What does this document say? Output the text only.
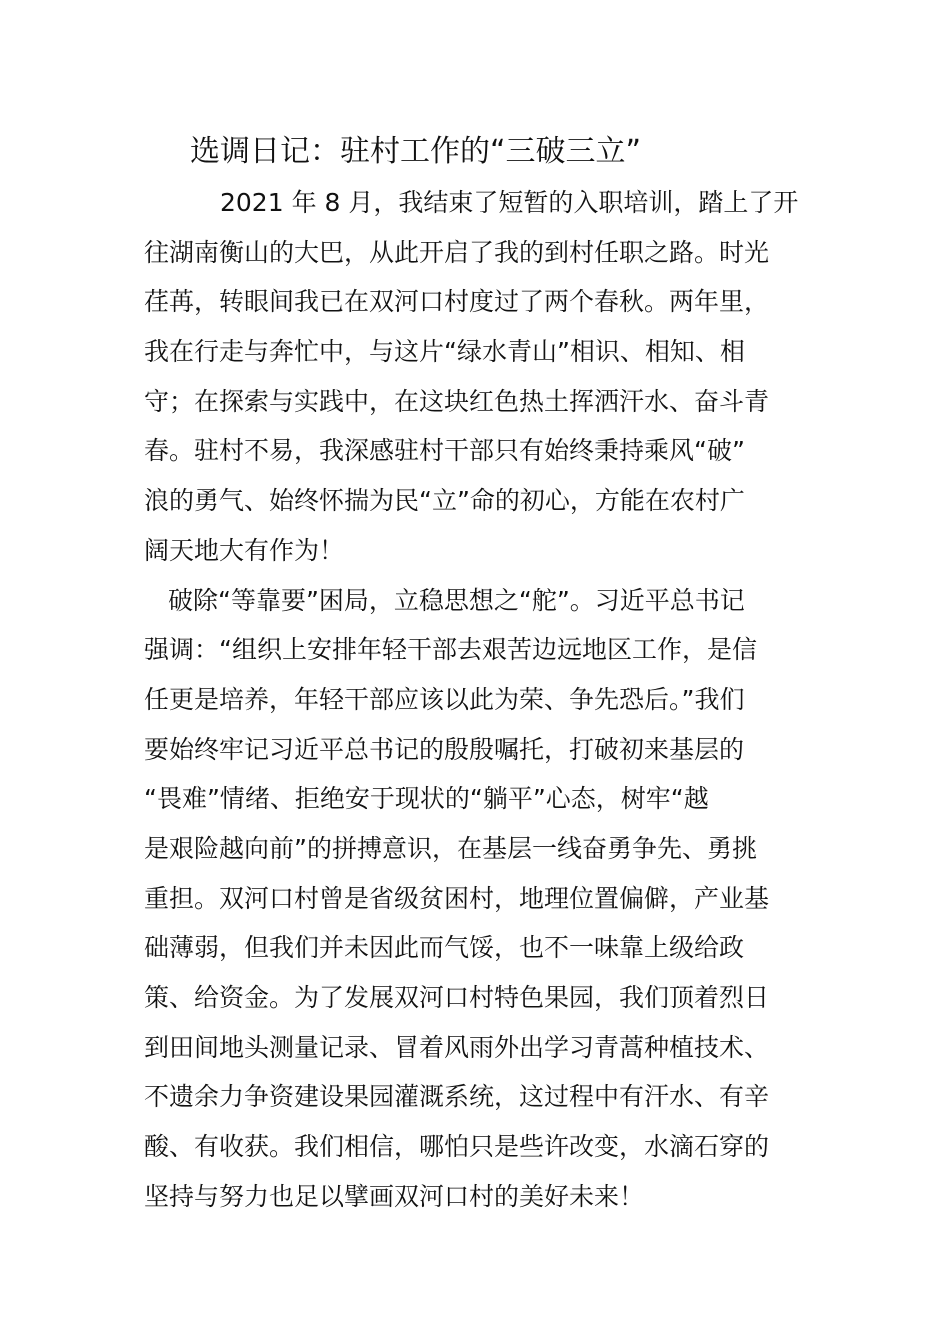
选调日记：驻村工作的“三破三立”

2021 年 8 月，我结束了短暂的入职培训，踏上了开

往湖南衡山的大巴，从此开启了我的到村任职之路。时光

荏苒，转眼间我已在双河口村度过了两个春秋。两年里，

我在行走与奔忙中，与这片“绿水青山”相识、相知、相

守；在探索与实践中，在这块红色热土挥洒汗水、奋斗青

春。驻村不易，我深感驻村干部只有始终秉持乘风“破”

浪的勇气、始终怀揣为民“立”命的初心，方能在农村广

阔天地大有作为！

破除“等靠要”困局，立稳思想之“舵”。习近平总书记

强调：“组织上安排年轻干部去艰苦边远地区工作，是信

任更是培养，年轻干部应该以此为荣、争先恐后。”我们

要始终牢记习近平总书记的殷殷嘱托，打破初来基层的

“畏难”情绪、拒绝安于现状的“躺平”心态，树牢“越

是艰险越向前”的拼搏意识，在基层一线奋勇争先、勇挑

重担。双河口村曾是省级贫困村，地理位置偏僻，产业基

础薄弱，但我们并未因此而气馁，也不一味靠上级给政

策、给资金。为了发展双河口村特色果园，我们顶着烈日

到田间地头测量记录、冒着风雨外出学习青蒿种植技术、

不遗余力争资建设果园灌溉系统，这过程中有汗水、有辛

酸、有收获。我们相信，哪怕只是些许改变，水滴石穿的

坚持与努力也足以擘画双河口村的美好未来！
